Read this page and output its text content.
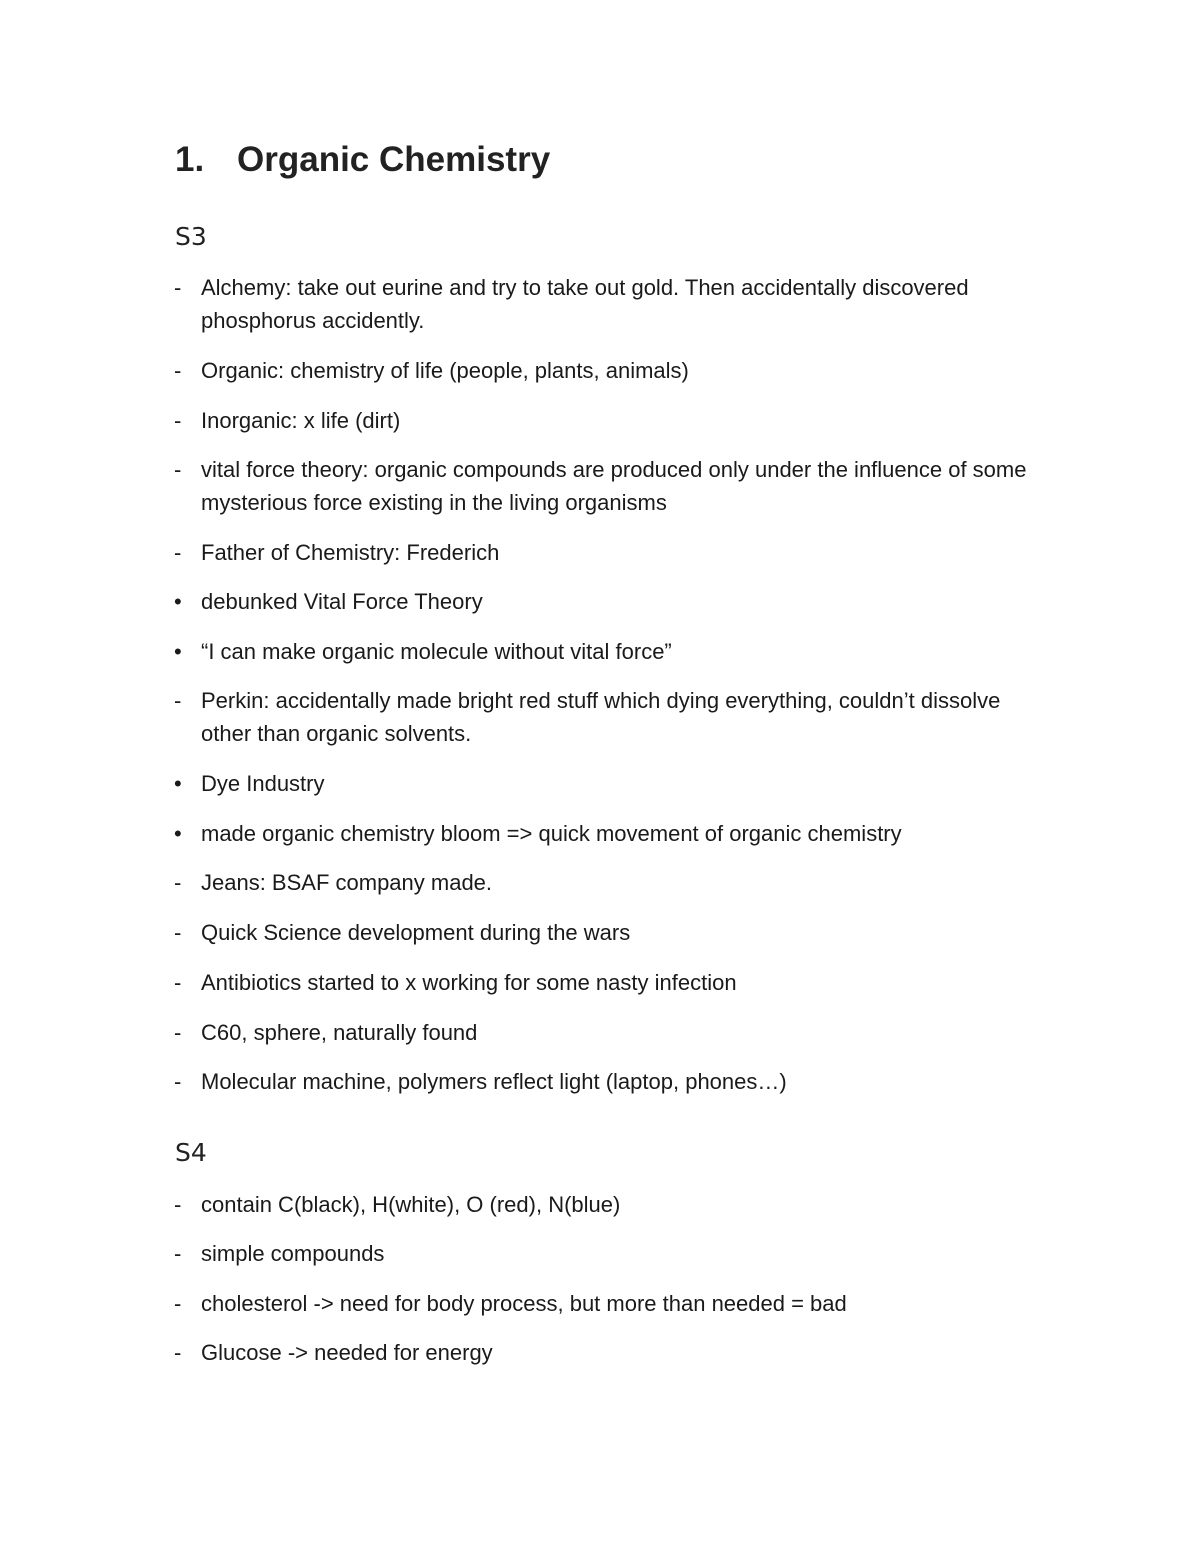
1. Organic Chemistry
S3
- Alchemy: take out eurine and try to take out gold. Then accidentally discovered phosphorus accidently.
- Organic: chemistry of life (people, plants, animals)
- Inorganic: x life (dirt)
- vital force theory: organic compounds are produced only under the influence of some mysterious force existing in the living organisms
- Father of Chemistry: Frederich
• debunked Vital Force Theory
• “I can make organic molecule without vital force”
- Perkin: accidentally made bright red stuff which dying everything, couldn’t dissolve other than organic solvents.
• Dye Industry
• made organic chemistry bloom => quick movement of organic chemistry
- Jeans: BSAF company made.
- Quick Science development during the wars
- Antibiotics started to x working for some nasty infection
- C60, sphere, naturally found
- Molecular machine, polymers reflect light (laptop, phones…)
S4
- contain C(black), H(white), O (red), N(blue)
- simple compounds
- cholesterol -> need for body process, but more than needed = bad
- Glucose -> needed for energy
